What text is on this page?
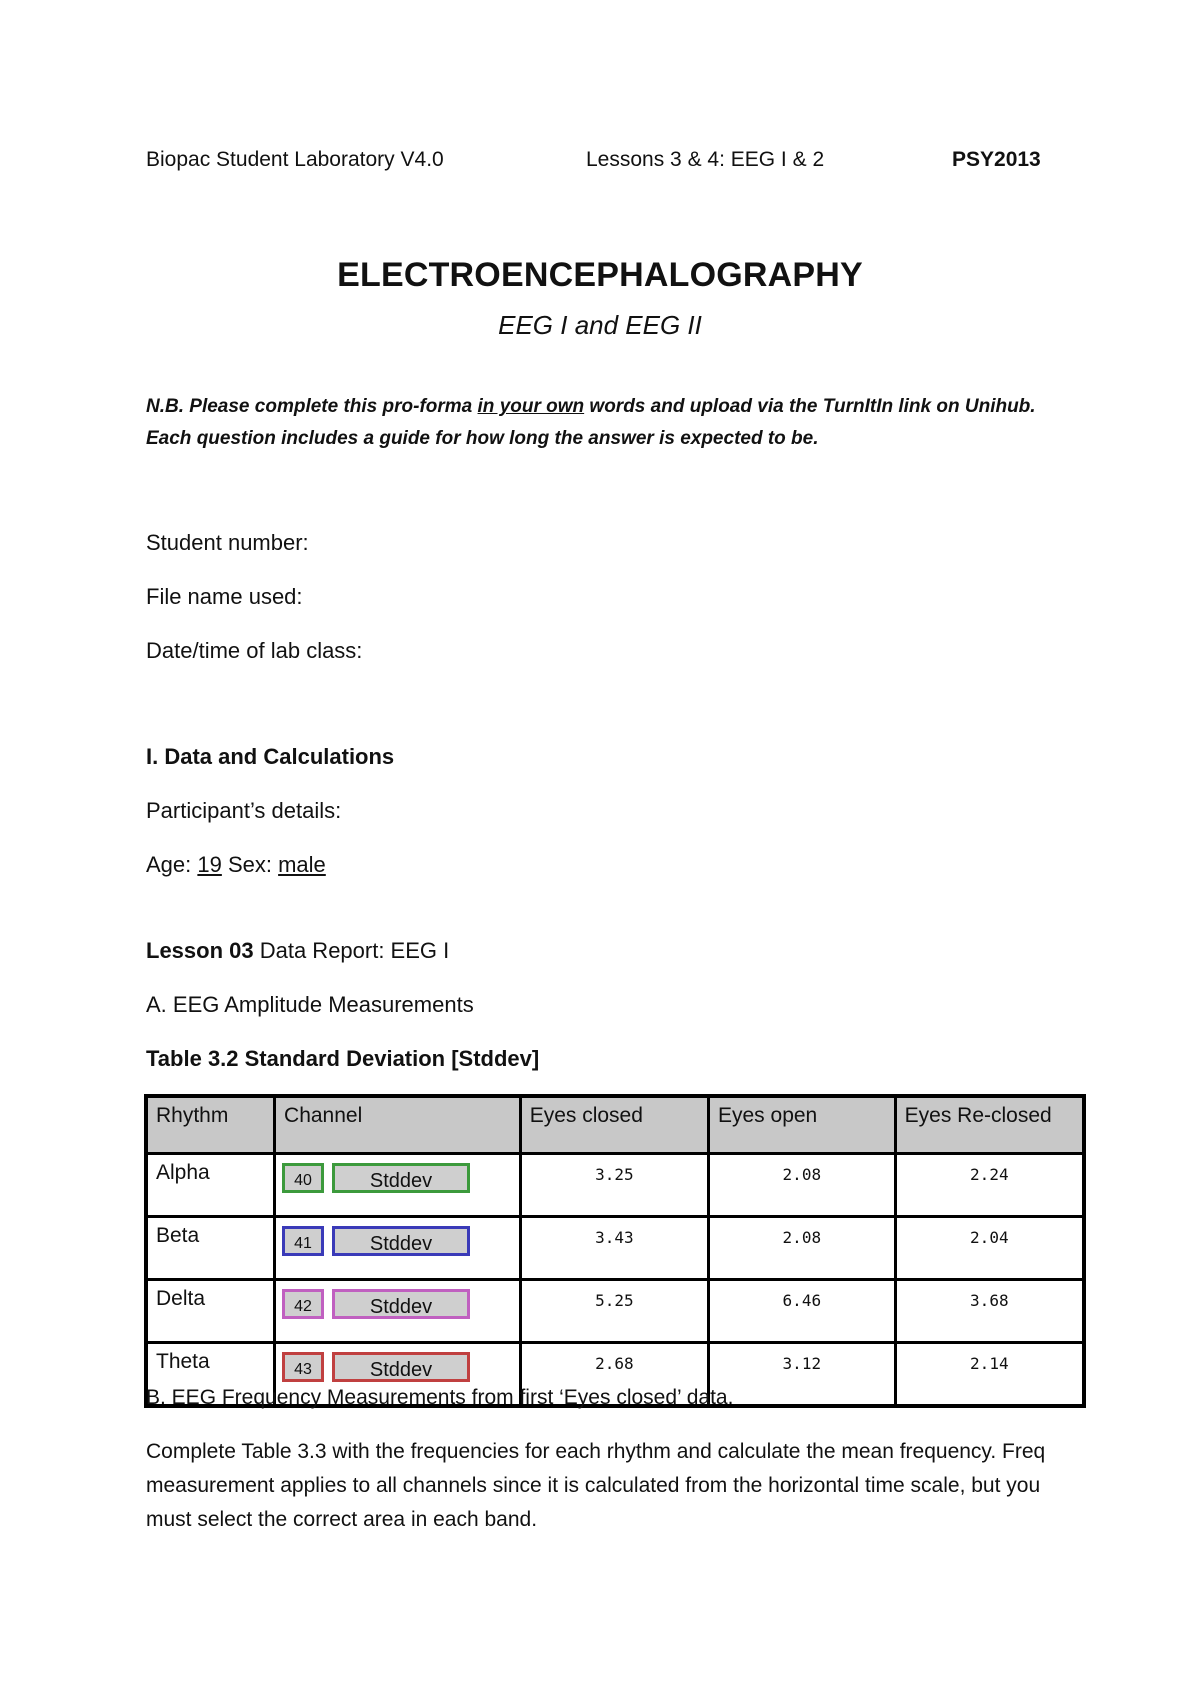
Biopac Student Laboratory V4.0	Lessons 3 & 4: EEG I & 2	PSY2013
ELECTROENCEPHALOGRAPHY
EEG I and EEG II
N.B. Please complete this pro-forma in your own words and upload via the TurnItIn link on Unihub.
Each question includes a guide for how long the answer is expected to be.
Student number:
File name used:
Date/time of lab class:
I. Data and Calculations
Participant’s details:
Age: 19 Sex: male
Lesson 03 Data Report: EEG I
A. EEG Amplitude Measurements
Table 3.2 Standard Deviation [Stddev]
Rhythm	Channel	Eyes closed	Eyes open	Eyes Re-closed
Alpha	40 Stddev	3.25	2.08	2.24
Beta	41 Stddev	3.43	2.08	2.04
Delta	42 Stddev	5.25	6.46	3.68
Theta	43 Stddev	2.68	3.12	2.14
B. EEG Frequency Measurements from first ‘Eyes closed’ data.
Complete Table 3.3 with the frequencies for each rhythm and calculate the mean frequency. Freq
measurement applies to all channels since it is calculated from the horizontal time scale, but you
must select the correct area in each band.
